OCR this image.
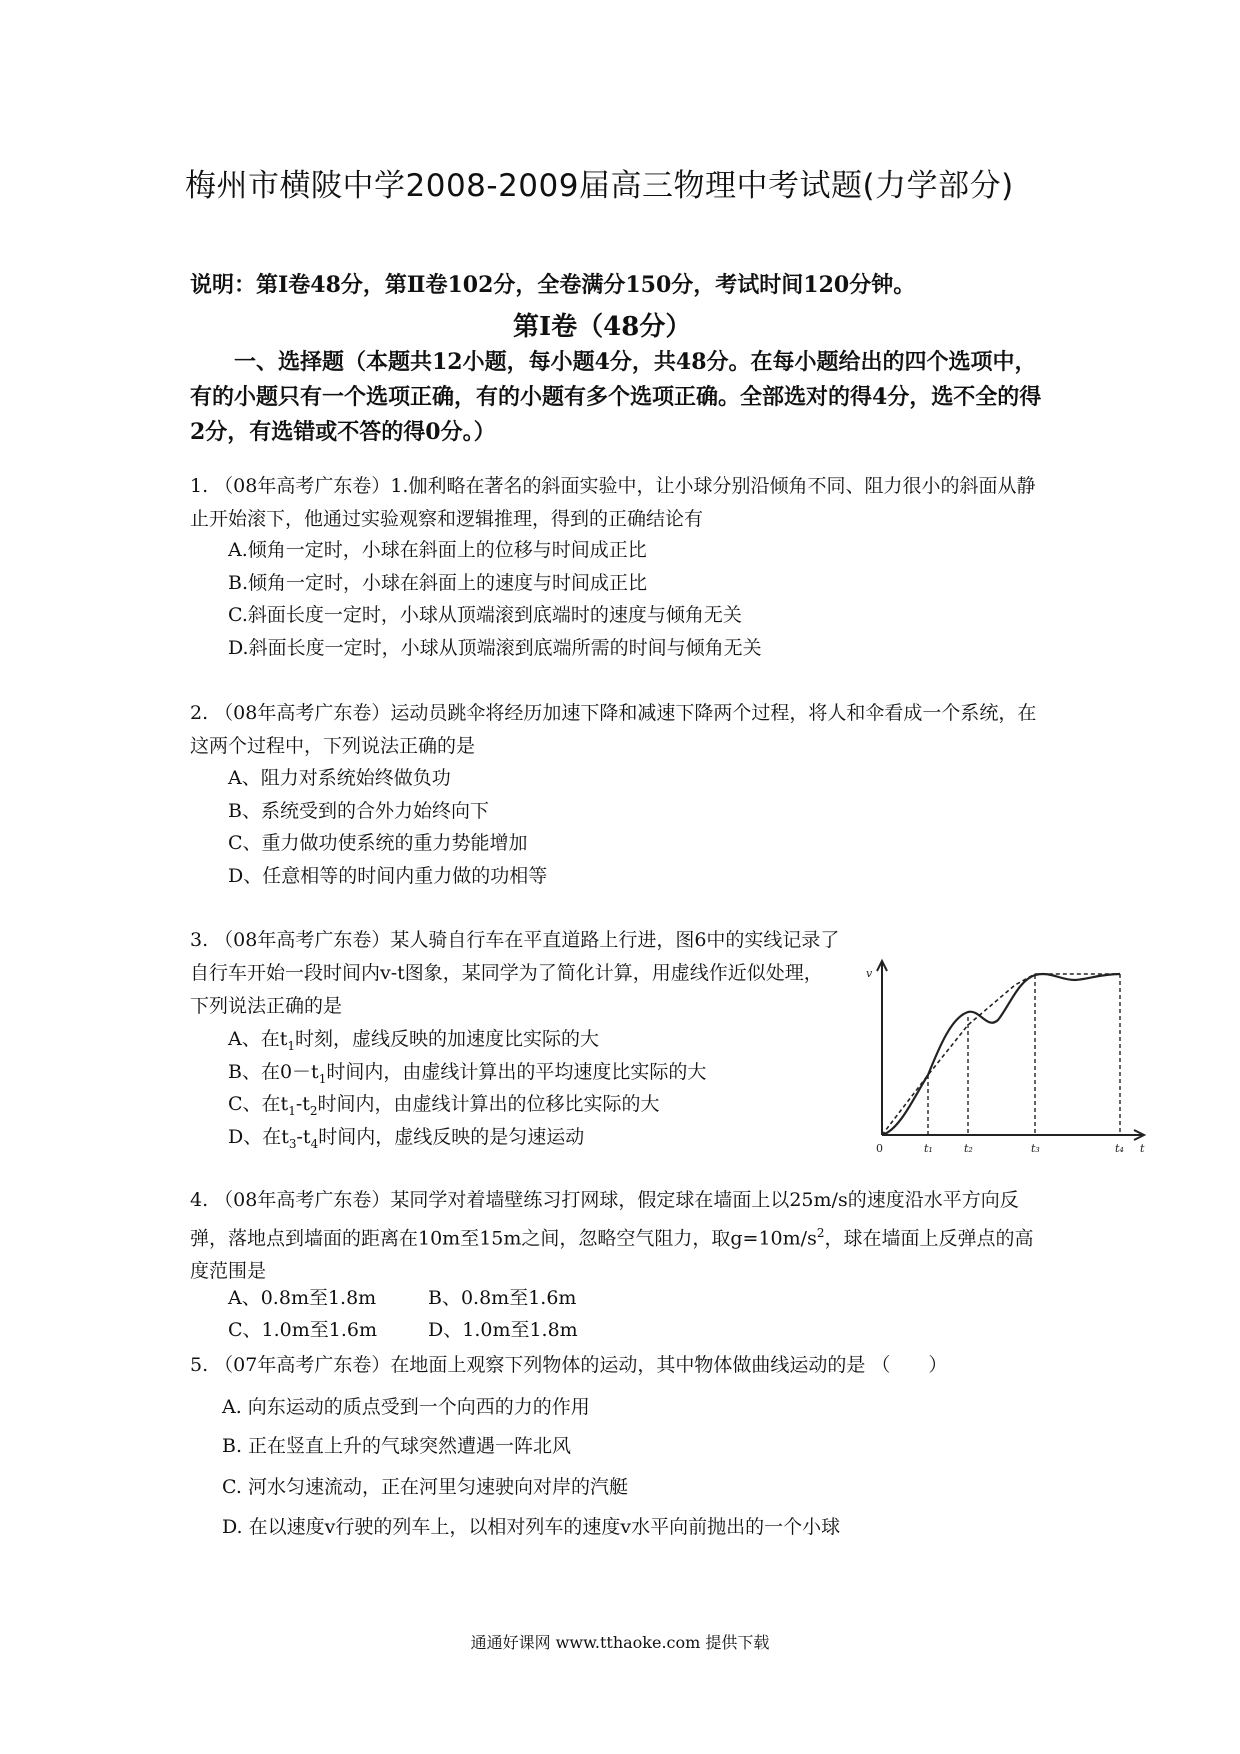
梅州市横陂中学2008-2009届高三物理中考试题(力学部分)
说明：第Ⅰ卷48分，第Ⅱ卷102分，全卷满分150分，考试时间120分钟。
第Ⅰ卷（48分）
一、选择题（本题共12小题，每小题4分，共48分。在每小题给出的四个选项中，有的小题只有一个选项正确，有的小题有多个选项正确。全部选对的得4分，选不全的得2分，有选错或不答的得0分。）
1. （08年高考广东卷）1.伽利略在著名的斜面实验中，让小球分别沿倾角不同、阻力很小的斜面从静止开始滚下，他通过实验观察和逻辑推理，得到的正确结论有
A.倾角一定时，小球在斜面上的位移与时间成正比
B.倾角一定时，小球在斜面上的速度与时间成正比
C.斜面长度一定时，小球从顶端滚到底端时的速度与倾角无关
D.斜面长度一定时，小球从顶端滚到底端所需的时间与倾角无关
2. （08年高考广东卷）运动员跳伞将经历加速下降和减速下降两个过程，将人和伞看成一个系统，在这两个过程中，下列说法正确的是
A、阻力对系统始终做负功
B、系统受到的合外力始终向下
C、重力做功使系统的重力势能增加
D、任意相等的时间内重力做的功相等
3. （08年高考广东卷）某人骑自行车在平直道路上行进，图6中的实线记录了自行车开始一段时间内v-t图象，某同学为了简化计算，用虚线作近似处理，下列说法正确的是
A、在$t_1$时刻，虚线反映的加速度比实际的大
B、在$0-t_1$时间内，由虚线计算出的平均速度比实际的大
C、在$t_1-t_2$时间内，由虚线计算出的位移比实际的大
D、在$t_3-t_4$时间内，虚线反映的是匀速运动
v
t
0	t₁	t₂	t₃	t₄
4. （08年高考广东卷）某同学对着墙壁练习打网球，假定球在墙面上以25m/s的速度沿水平方向反弹，落地点到墙面的距离在10m至15m之间，忽略空气阻力，取$g=10m/s^2$，球在墙面上反弹点的高度范围是
A、0.8m至1.8m	B、0.8m至1.6m
C、1.0m至1.6m	D、1.0m至1.8m
5. （07年高考广东卷）在地面上观察下列物体的运动，其中物体做曲线运动的是 （　　）
A. 向东运动的质点受到一个向西的力的作用
B. 正在竖直上升的气球突然遭遇一阵北风
C. 河水匀速流动，正在河里匀速驶向对岸的汽艇
D. 在以速度v行驶的列车上，以相对列车的速度v水平向前抛出的一个小球
通通好课网 www.tthaoke.com 提供下载
